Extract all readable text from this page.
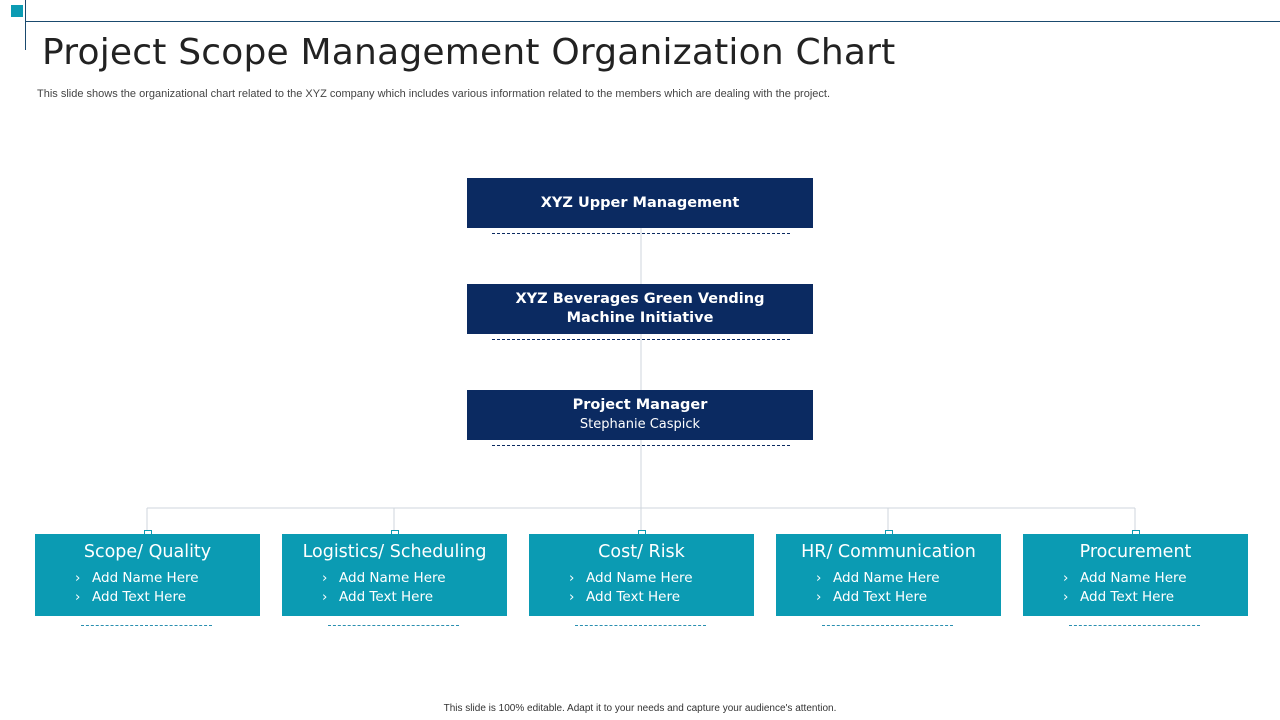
Project Scope Management Organization Chart

This slide shows the organizational chart related to the XYZ company which includes various information related to the members which are dealing with the project.

XYZ Upper Management
XYZ Beverages Green Vending Machine Initiative
Project Manager
Stephanie Caspick
Scope/ Quality
› Add Name Here
› Add Text Here
Logistics/ Scheduling
› Add Name Here
› Add Text Here
Cost/ Risk
› Add Name Here
› Add Text Here
HR/ Communication
› Add Name Here
› Add Text Here
Procurement
› Add Name Here
› Add Text Here
This slide is 100% editable. Adapt it to your needs and capture your audience's attention.
